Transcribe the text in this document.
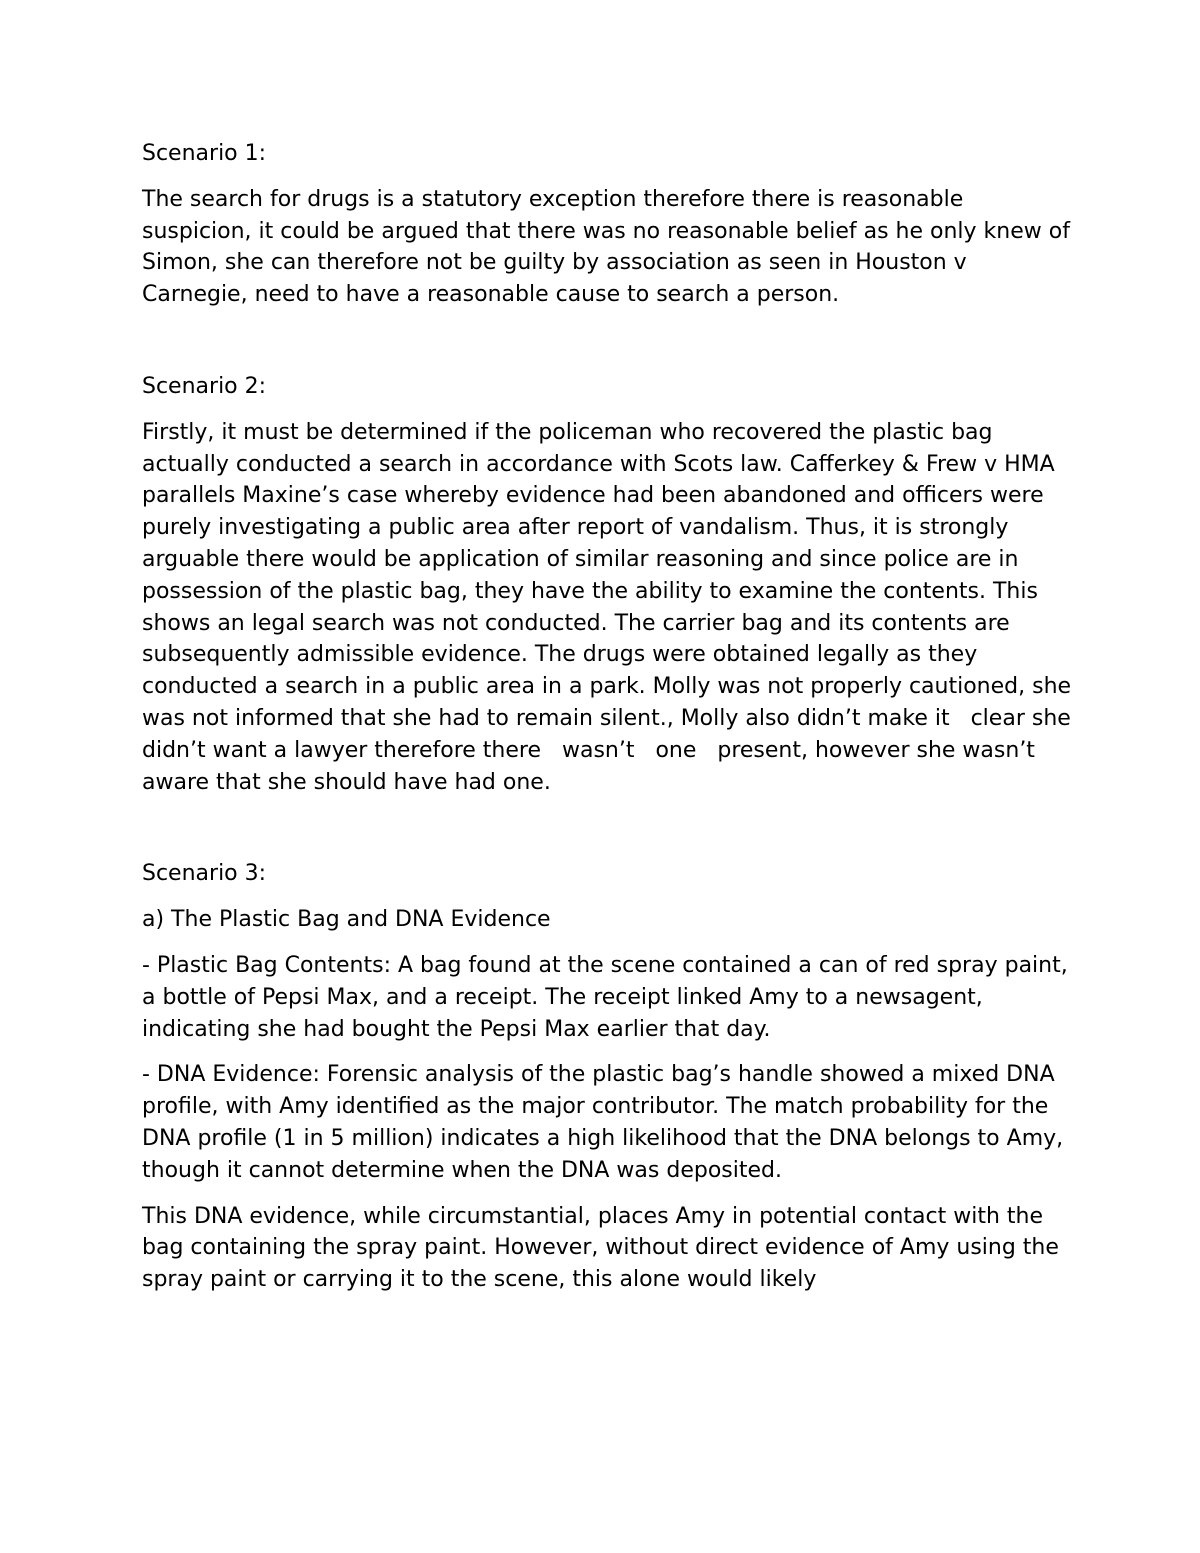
Scenario 1:

The search for drugs is a statutory exception therefore there is reasonable suspicion, it could be argued that there was no reasonable belief as he only knew of Simon, she can therefore not be guilty by association as seen in Houston v Carnegie, need to have a reasonable cause to search a person.

Scenario 2:

Firstly, it must be determined if the policeman who recovered the plastic bag actually conducted a search in accordance with Scots law. Cafferkey & Frew v HMA parallels Maxine’s case whereby evidence had been abandoned and officers were purely investigating a public area after report of vandalism. Thus, it is strongly arguable there would be application of similar reasoning and since police are in possession of the plastic bag, they have the ability to examine the contents. This shows an legal search was not conducted. The carrier bag and its contents are subsequently admissible evidence. The drugs were obtained legally as they conducted a search in a public area in a park. Molly was not properly cautioned, she was not informed that she had to remain silent., Molly also didn’t make it   clear she didn’t want a lawyer therefore there   wasn’t   one   present, however she wasn’t aware that she should have had one.

Scenario 3:

a) The Plastic Bag and DNA Evidence

- Plastic Bag Contents: A bag found at the scene contained a can of red spray paint, a bottle of Pepsi Max, and a receipt. The receipt linked Amy to a newsagent, indicating she had bought the Pepsi Max earlier that day.

- DNA Evidence: Forensic analysis of the plastic bag’s handle showed a mixed DNA profile, with Amy identified as the major contributor. The match probability for the DNA profile (1 in 5 million) indicates a high likelihood that the DNA belongs to Amy, though it cannot determine when the DNA was deposited.

This DNA evidence, while circumstantial, places Amy in potential contact with the bag containing the spray paint. However, without direct evidence of Amy using the spray paint or carrying it to the scene, this alone would likely
